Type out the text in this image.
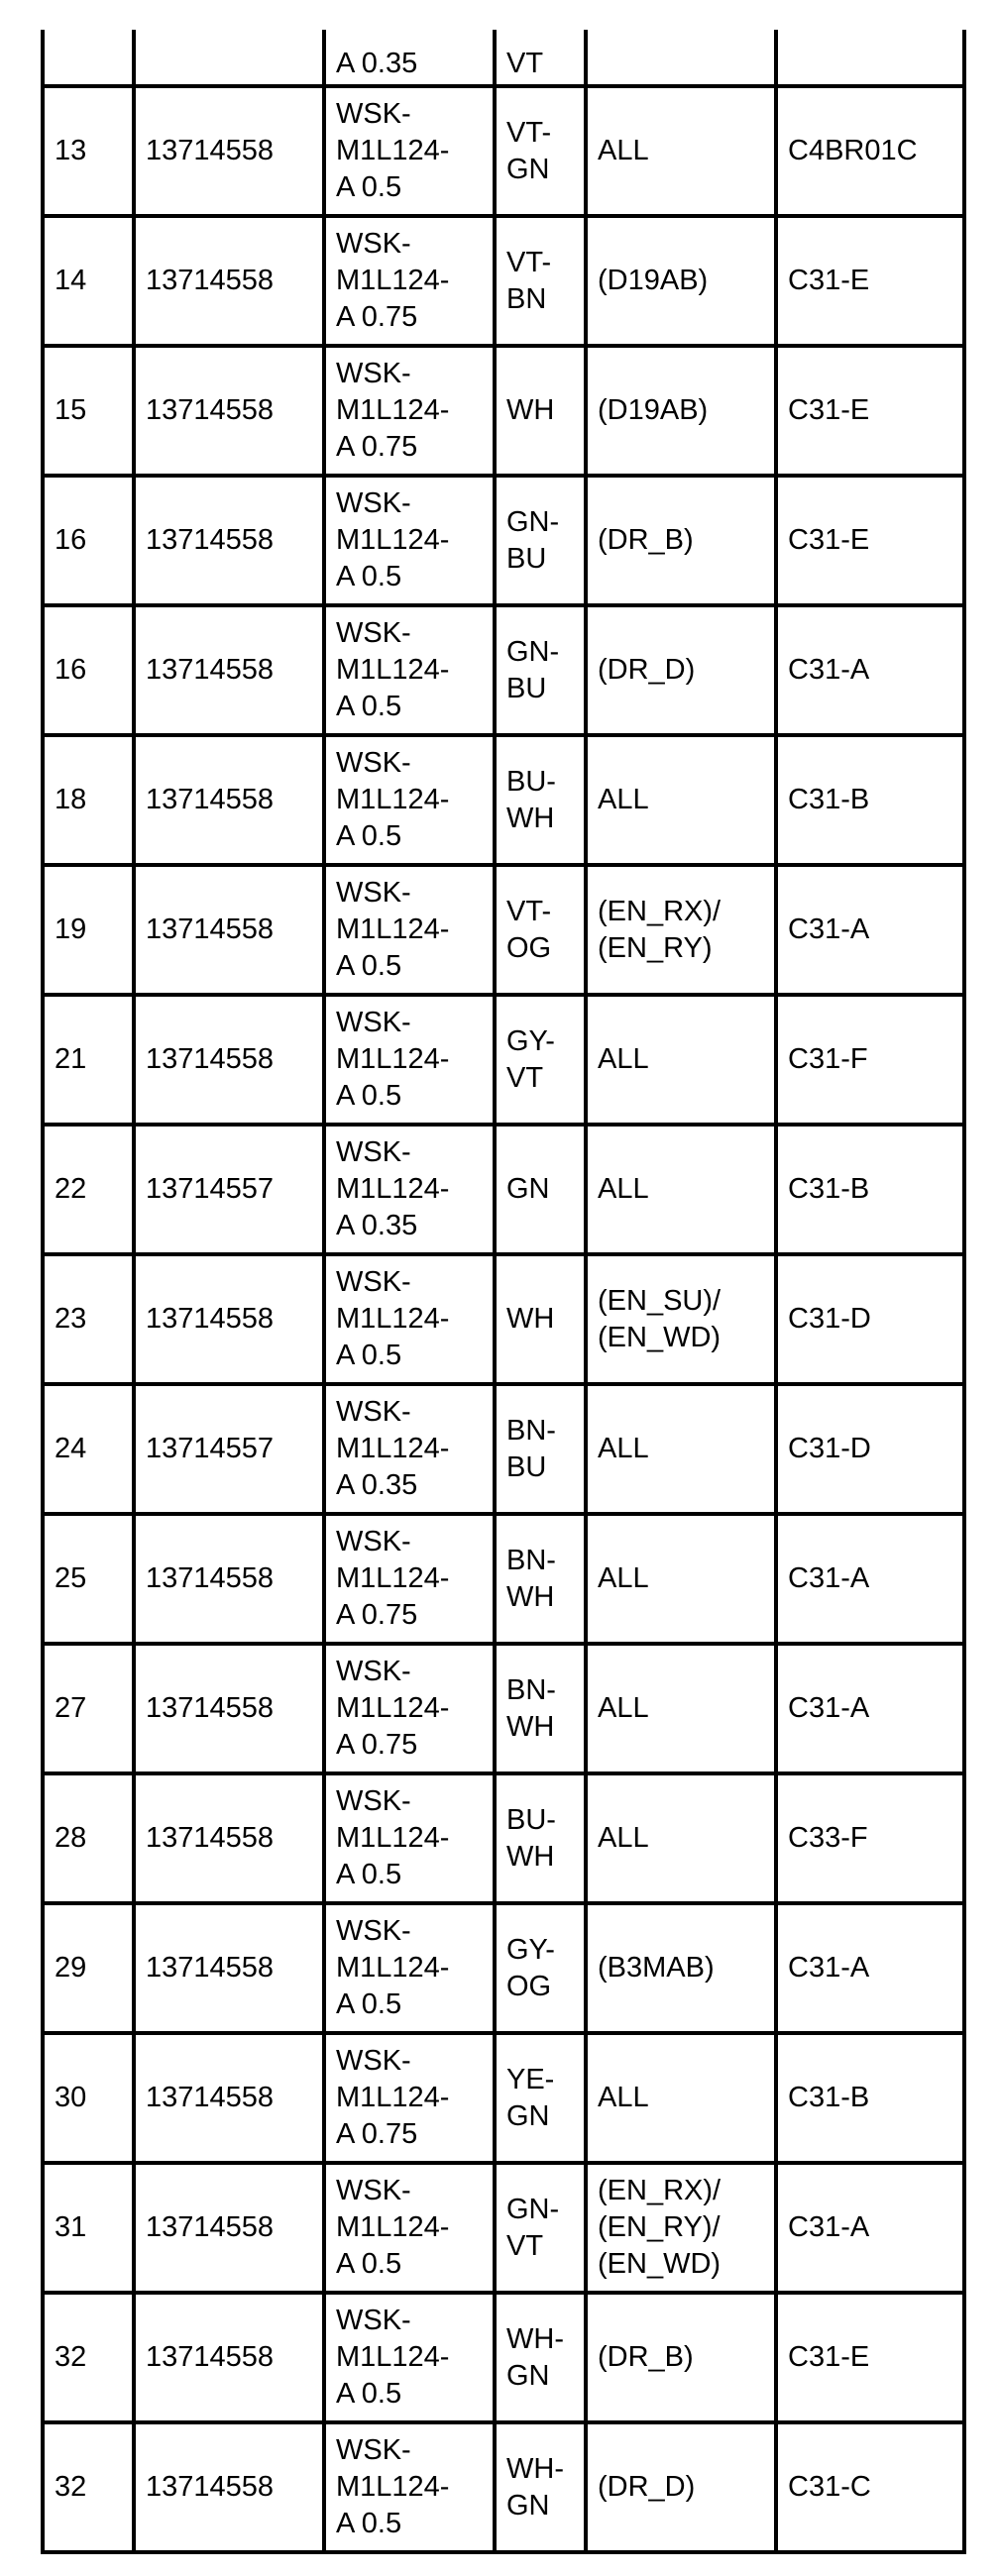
		A 0.35	VT		
13	13714558	WSK-
M1L124-
A 0.5	VT-
GN	ALL	C4BR01C
14	13714558	WSK-
M1L124-
A 0.75	VT-
BN	(D19AB)	C31-E
15	13714558	WSK-
M1L124-
A 0.75	WH	(D19AB)	C31-E
16	13714558	WSK-
M1L124-
A 0.5	GN-
BU	(DR_B)	C31-E
16	13714558	WSK-
M1L124-
A 0.5	GN-
BU	(DR_D)	C31-A
18	13714558	WSK-
M1L124-
A 0.5	BU-
WH	ALL	C31-B
19	13714558	WSK-
M1L124-
A 0.5	VT-
OG	(EN_RX)/
(EN_RY)	C31-A
21	13714558	WSK-
M1L124-
A 0.5	GY-
VT	ALL	C31-F
22	13714557	WSK-
M1L124-
A 0.35	GN	ALL	C31-B
23	13714558	WSK-
M1L124-
A 0.5	WH	(EN_SU)/
(EN_WD)	C31-D
24	13714557	WSK-
M1L124-
A 0.35	BN-
BU	ALL	C31-D
25	13714558	WSK-
M1L124-
A 0.75	BN-
WH	ALL	C31-A
27	13714558	WSK-
M1L124-
A 0.75	BN-
WH	ALL	C31-A
28	13714558	WSK-
M1L124-
A 0.5	BU-
WH	ALL	C33-F
29	13714558	WSK-
M1L124-
A 0.5	GY-
OG	(B3MAB)	C31-A
30	13714558	WSK-
M1L124-
A 0.75	YE-
GN	ALL	C31-B
31	13714558	WSK-
M1L124-
A 0.5	GN-
VT	(EN_RX)/
(EN_RY)/
(EN_WD)	C31-A
32	13714558	WSK-
M1L124-
A 0.5	WH-
GN	(DR_B)	C31-E
32	13714558	WSK-
M1L124-
A 0.5	WH-
GN	(DR_D)	C31-C
